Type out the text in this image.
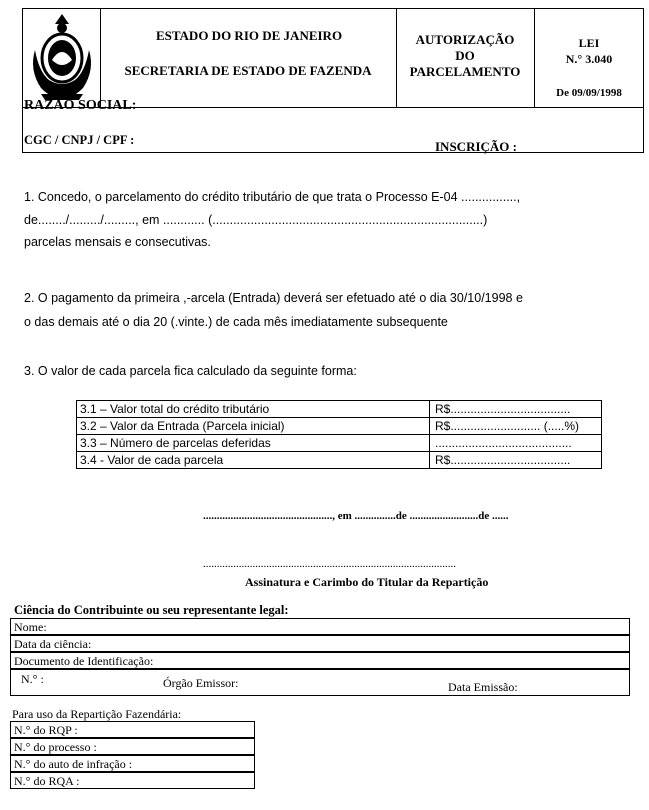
ESTADO DO RIO DE JANEIRO
SECRETARIA DE ESTADO DE FAZENDA
AUTORIZAÇÃO
DO
PARCELAMENTO
LEI
N.° 3.040
De 09/09/1998
RAZÃO SOCIAL:
CGC / CNPJ / CPF :	INSCRIÇÃO :
1. Concedo, o parcelamento do crédito tributário de que trata o Processo E-04 ................,
de......../........./........., em ............ (..............................................................................)
parcelas mensais e consecutivas.
2. O pagamento da primeira ,-arcela (Entrada) deverá ser efetuado até o dia 30/10/1998 e
o das demais até o dia 20 (.vinte.) de cada mês imediatamente subsequente
3. O valor de cada parcela fica calculado da seguinte forma:
3.1 – Valor total do crédito tributário	R$....................................
3.2 – Valor da Entrada (Parcela inicial)	R$........................... (.....%)
3.3 – Número de parcelas deferidas	.........................................
3.4 - Valor de cada parcela	R$....................................
..............................................., em ...............de .........................de ......
............................................................................................
Assinatura e Carimbo do Titular da Repartição
Ciência do Contribuinte ou seu representante legal:
Nome:
Data da ciência:
Documento de Identificação:
N.° :	Órgão Emissor:	Data Emissão:
Para uso da Repartição Fazendária:
N.° do RQP :
N.° do processo :
N.° do auto de infração :
N.° do RQA :
